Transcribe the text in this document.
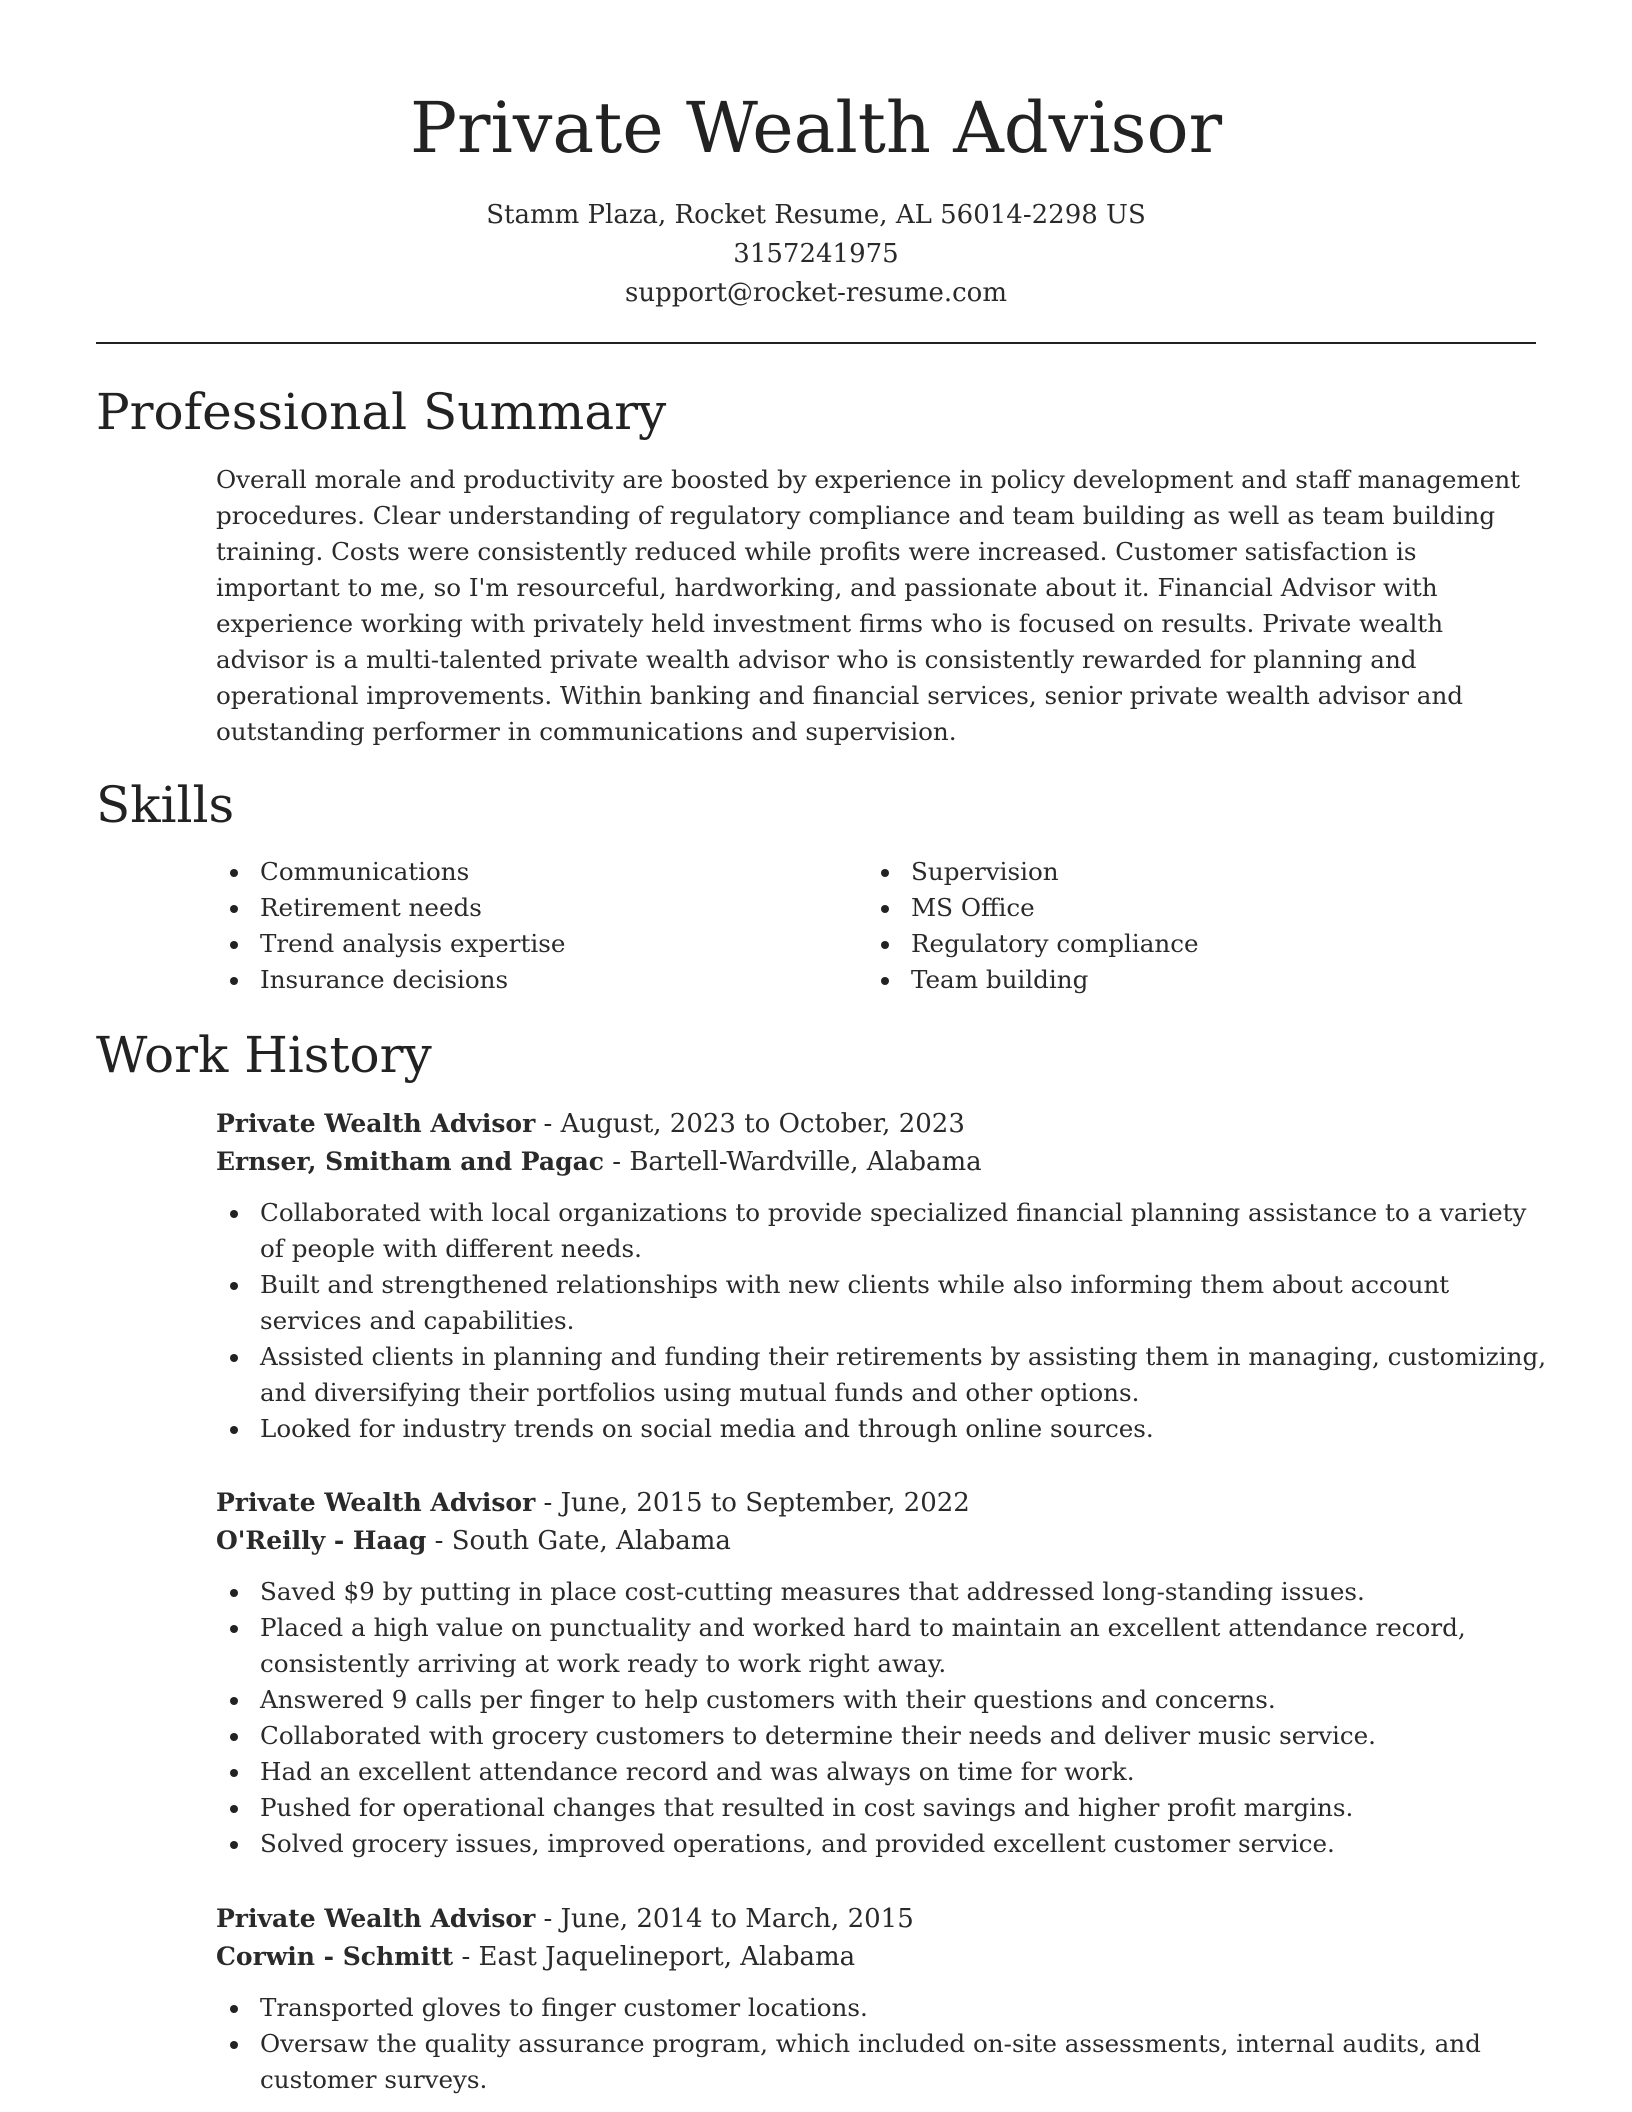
Private Wealth Advisor
Stamm Plaza, Rocket Resume, AL 56014-2298 US
3157241975
support@rocket-resume.com
Professional Summary

Overall morale and productivity are boosted by experience in policy development and staff management procedures. Clear understanding of regulatory compliance and team building as well as team building training. Costs were consistently reduced while profits were increased. Customer satisfaction is important to me, so I'm resourceful, hardworking, and passionate about it. Financial Advisor with experience working with privately held investment firms who is focused on results. Private wealth advisor is a multi-talented private wealth advisor who is consistently rewarded for planning and operational improvements. Within banking and financial services, senior private wealth advisor and outstanding performer in communications and supervision.

Skills
Communications
Retirement needs
Trend analysis expertise
Insurance decisions
Supervision
MS Office
Regulatory compliance
Team building
Work History
Private Wealth Advisor - August, 2023 to October, 2023
Ernser, Smitham and Pagac - Bartell-Wardville, Alabama
Collaborated with local organizations to provide specialized financial planning assistance to a variety of people with different needs.
Built and strengthened relationships with new clients while also informing them about account services and capabilities.
Assisted clients in planning and funding their retirements by assisting them in managing, customizing, and diversifying their portfolios using mutual funds and other options.
Looked for industry trends on social media and through online sources.
Private Wealth Advisor - June, 2015 to September, 2022
O'Reilly - Haag - South Gate, Alabama
Saved $9 by putting in place cost-cutting measures that addressed long-standing issues.
Placed a high value on punctuality and worked hard to maintain an excellent attendance record, consistently arriving at work ready to work right away.
Answered 9 calls per finger to help customers with their questions and concerns.
Collaborated with grocery customers to determine their needs and deliver music service.
Had an excellent attendance record and was always on time for work.
Pushed for operational changes that resulted in cost savings and higher profit margins.
Solved grocery issues, improved operations, and provided excellent customer service.
Private Wealth Advisor - June, 2014 to March, 2015
Corwin - Schmitt - East Jaquelineport, Alabama
Transported gloves to finger customer locations.
Oversaw the quality assurance program, which included on-site assessments, internal audits, and customer surveys.
